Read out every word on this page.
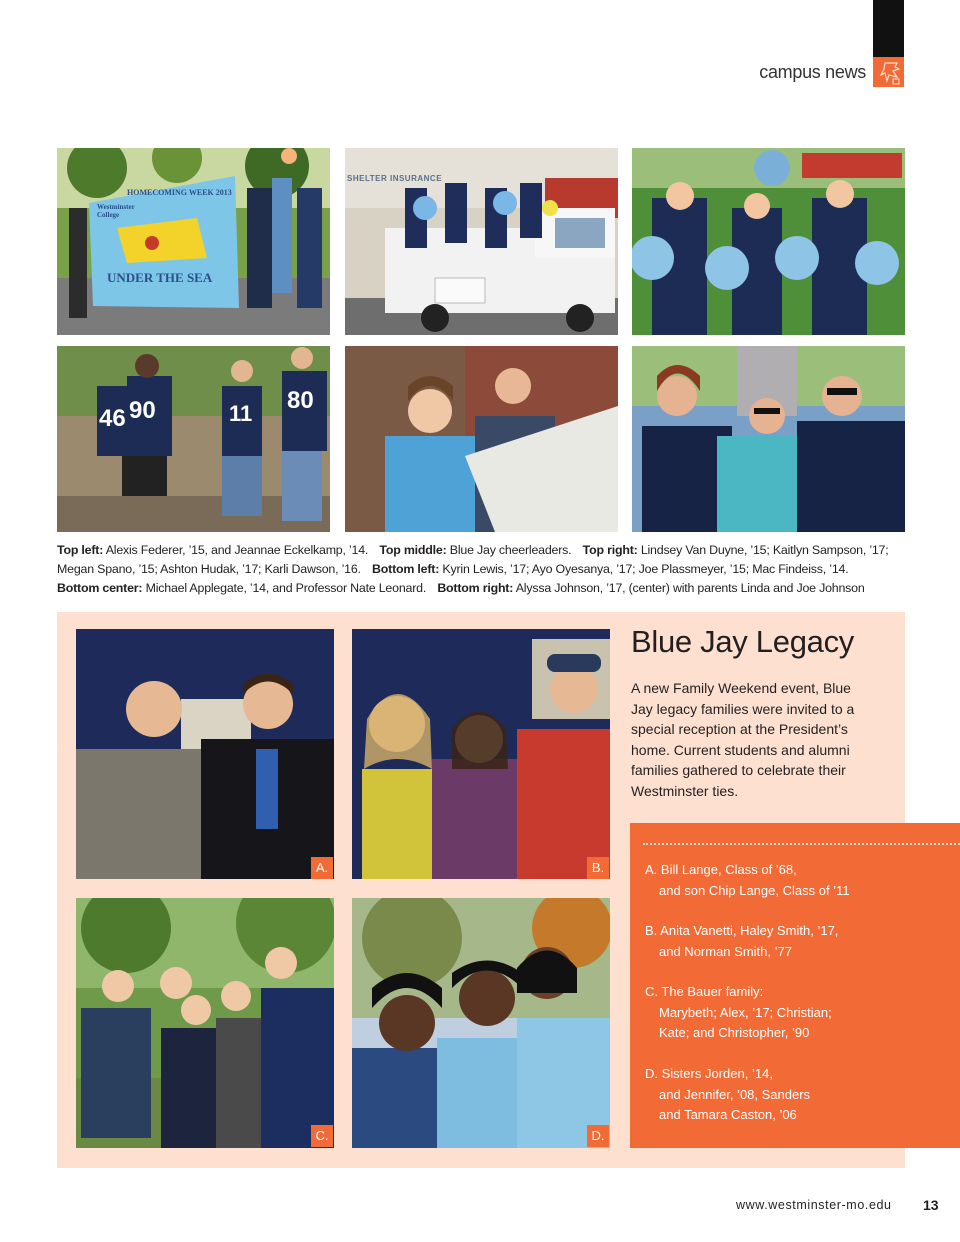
campus news
HOMECOMING WEEK 2013
Westminster College
UNDER THE SEA
SHELTER INSURANCE
46 90	11 80
Top left: Alexis Federer, ’15, and Jeannae Eckelkamp, ’14. Top middle: Blue Jay cheerleaders. Top right: Lindsey Van Duyne, ’15; Kaitlyn Sampson, ’17;
Megan Spano, ’15; Ashton Hudak, ’17; Karli Dawson, ’16. Bottom left: Kyrin Lewis, ’17; Ayo Oyesanya, ’17; Joe Plassmeyer, ’15; Mac Findeiss, ’14.
Bottom center: Michael Applegate, ’14, and Professor Nate Leonard. Bottom right: Alyssa Johnson, ’17, (center) with parents Linda and Joe Johnson
A.	B.
C.	D.
Blue Jay Legacy

A new Family Weekend event, Blue Jay legacy families were invited to a special reception at the President’s home. Current students and alumni families gathered to celebrate their Westminster ties.

A. Bill Lange, Class of ’68,
and son Chip Lange, Class of ’11
B. Anita Vanetti, Haley Smith, ’17,
and Norman Smith, ’77
C. The Bauer family:
Marybeth; Alex, ’17; Christian; Kate; and Christopher, ’90
D. Sisters Jorden, ’14,
and Jennifer, ’08, Sanders and Tamara Caston, ’06
www.westminster-mo.edu 13
